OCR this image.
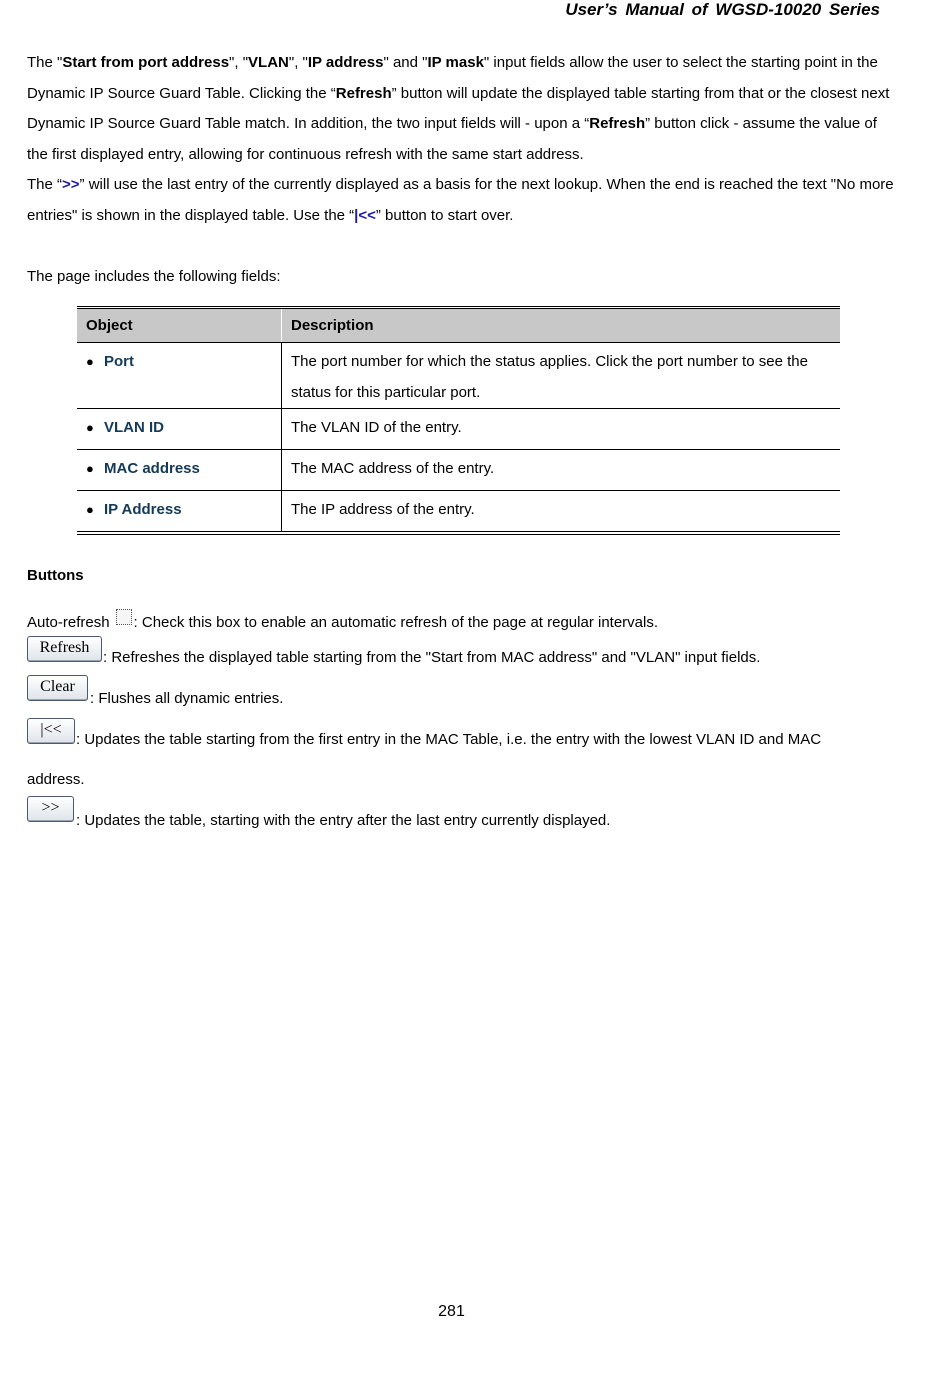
User’s Manual of WGSD-10020 Series
The "Start from port address", "VLAN", "IP address" and "IP mask" input fields allow the user to select the starting point in the Dynamic IP Source Guard Table. Clicking the “Refresh” button will update the displayed table starting from that or the closest next Dynamic IP Source Guard Table match. In addition, the two input fields will - upon a “Refresh” button click - assume the value of the first displayed entry, allowing for continuous refresh with the same start address.
The “>>” will use the last entry of the currently displayed as a basis for the next lookup. When the end is reached the text "No more entries" is shown in the displayed table. Use the “|<<” button to start over.
The page includes the following fields:
Object	Description
● Port	The port number for which the status applies. Click the port number to see the status for this particular port.
● VLAN ID	The VLAN ID of the entry.
● MAC address	The MAC address of the entry.
● IP Address	The IP address of the entry.
Buttons
Auto-refresh : Check this box to enable an automatic refresh of the page at regular intervals.
Refresh
: Refreshes the displayed table starting from the "Start from MAC address" and "VLAN" input fields.
Clear
: Flushes all dynamic entries.
|<<
: Updates the table starting from the first entry in the MAC Table, i.e. the entry with the lowest VLAN ID and MAC
address.
>>
: Updates the table, starting with the entry after the last entry currently displayed.
281
